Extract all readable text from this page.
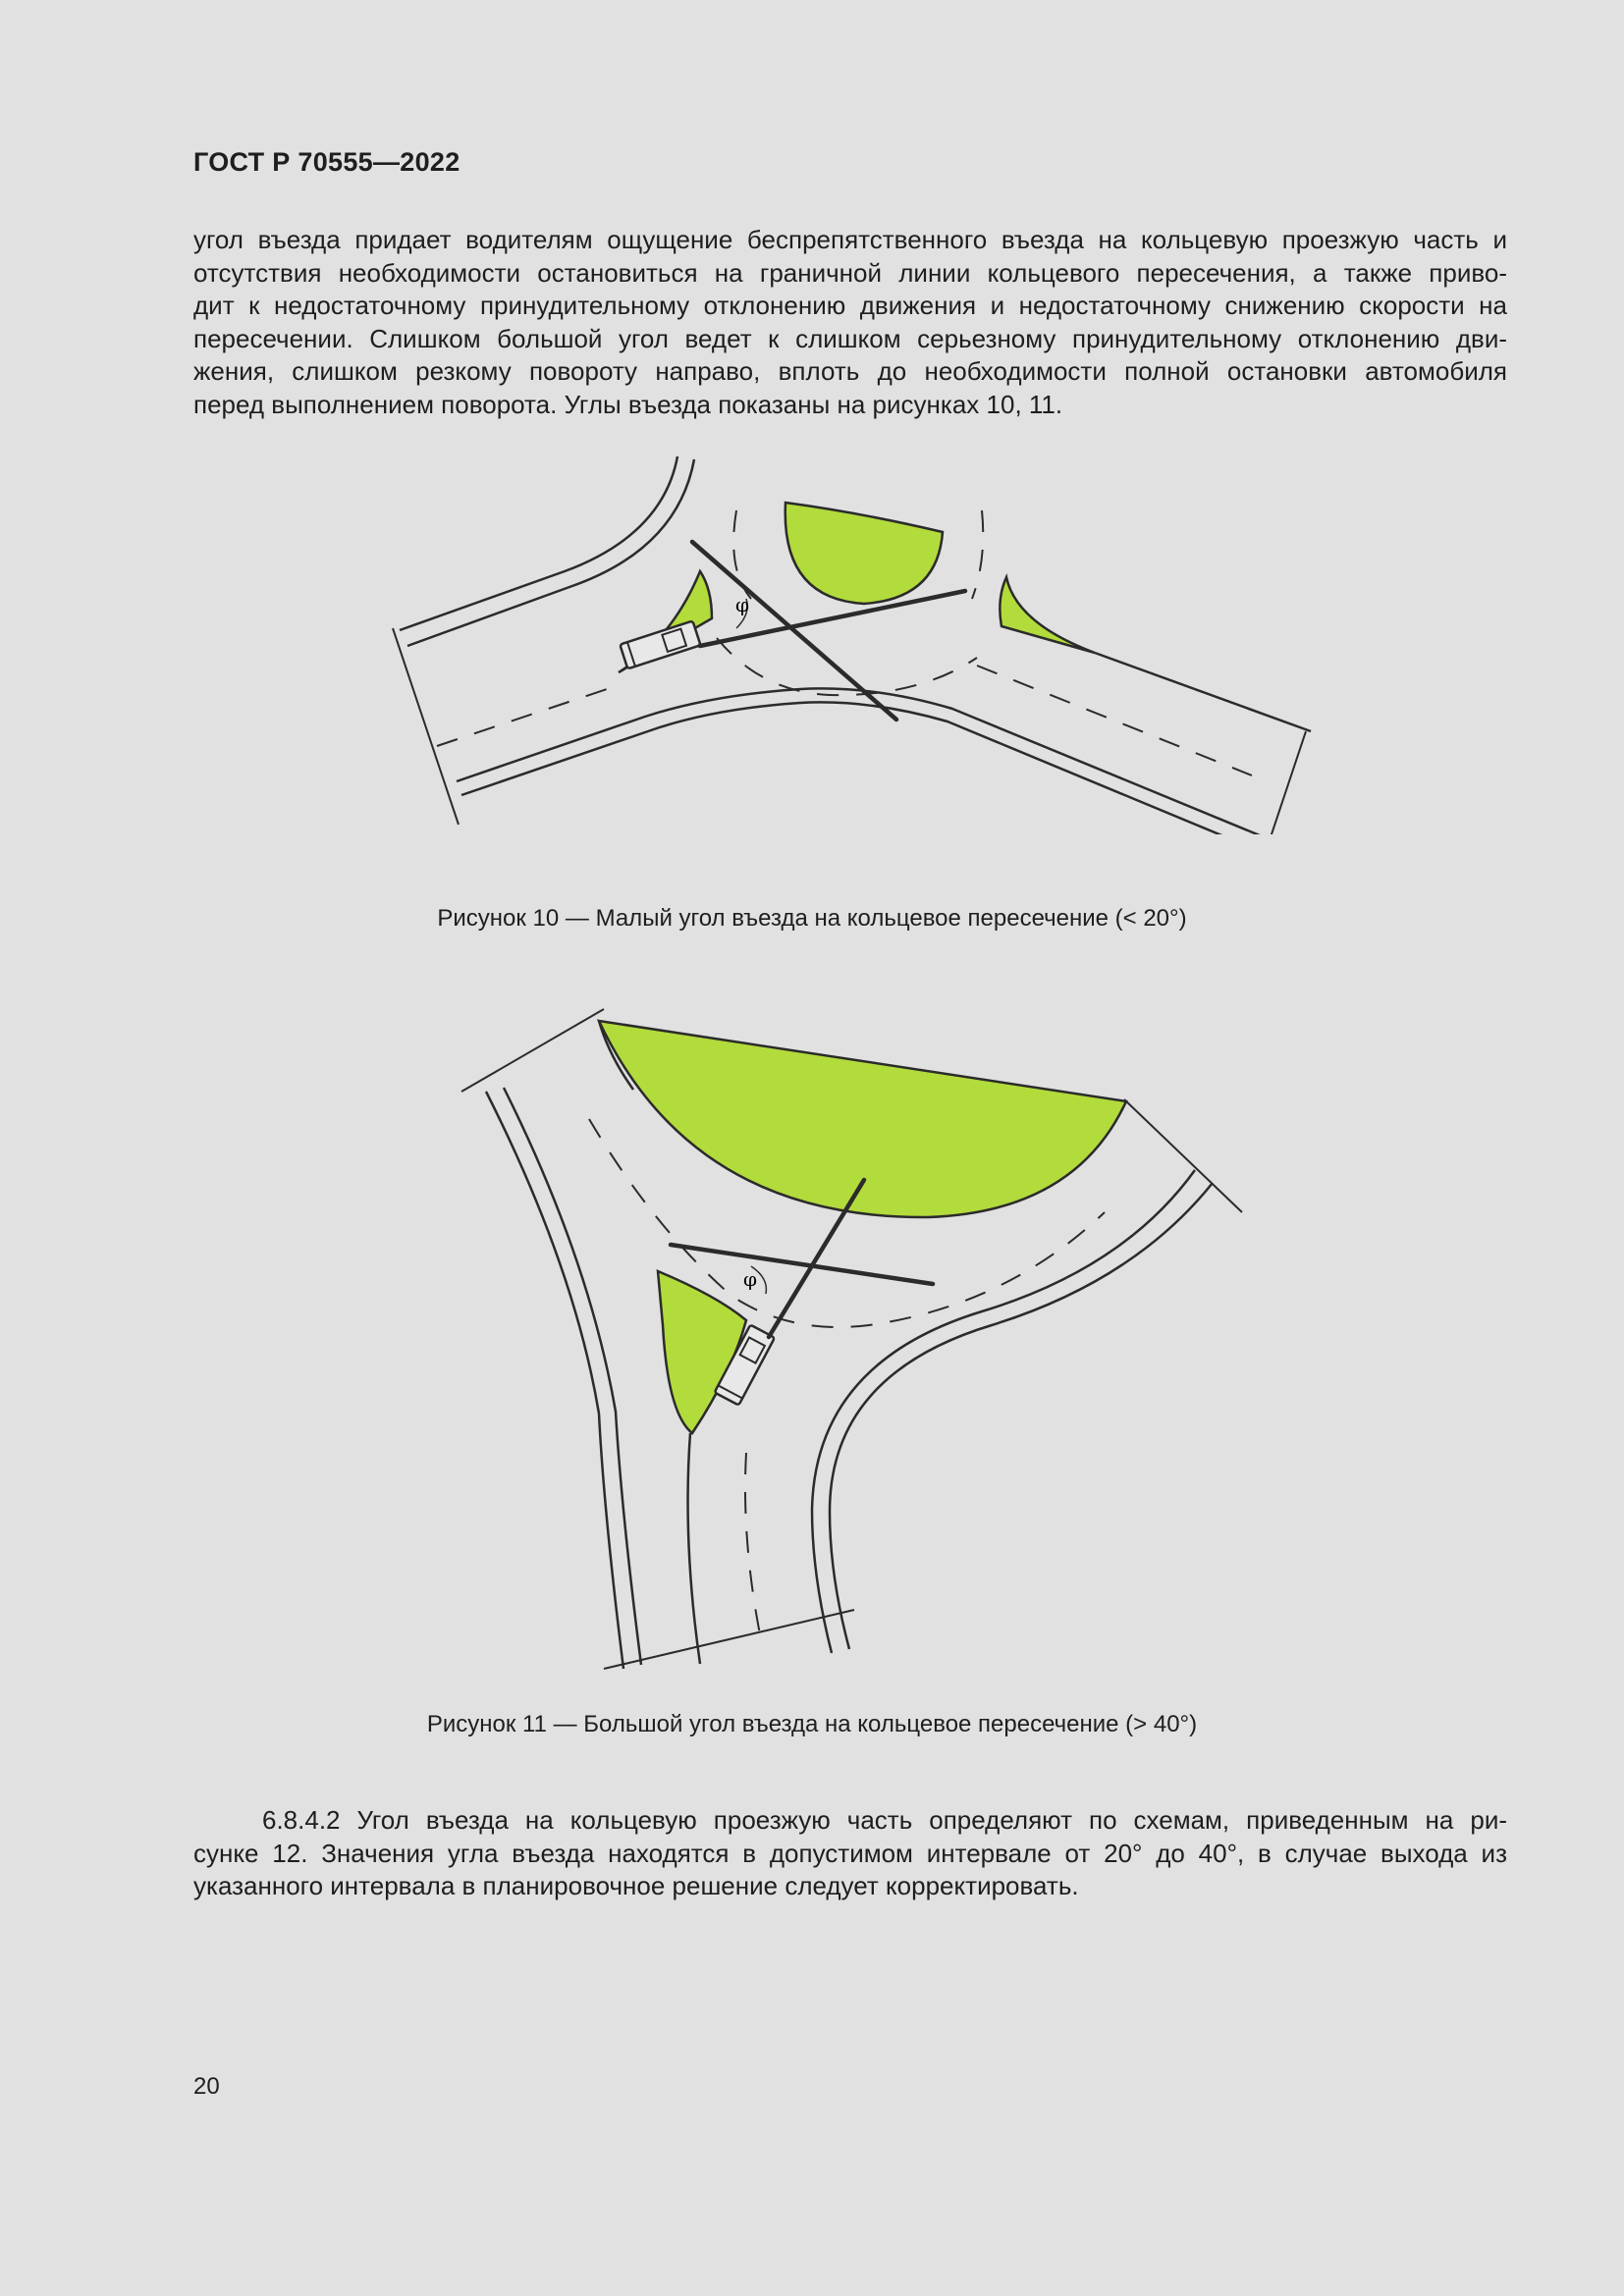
ГОСТ Р 70555—2022
угол въезда придает водителям ощущение беспрепятственного въезда на кольцевую проезжую часть и
отсутствия необходимости остановиться на граничной линии кольцевого пересечения, а также приво-
дит к недостаточному принудительному отклонению движения и недостаточному снижению скорости на
пересечении. Слишком большой угол ведет к слишком серьезному принудительному отклонению дви-
жения, слишком резкому повороту направо, вплоть до необходимости полной остановки автомобиля
перед выполнением поворота. Углы въезда показаны на рисунках 10, 11.
φ
Рисунок 10 — Малый угол въезда на кольцевое пересечение (< 20°)
φ
Рисунок 11 — Большой угол въезда на кольцевое пересечение (> 40°)
6.8.4.2 Угол въезда на кольцевую проезжую часть определяют по схемам, приведенным на ри-
сунке 12. Значения угла въезда находятся в допустимом интервале от 20° до 40°, в случае выхода из
указанного интервала в планировочное решение следует корректировать.
20
